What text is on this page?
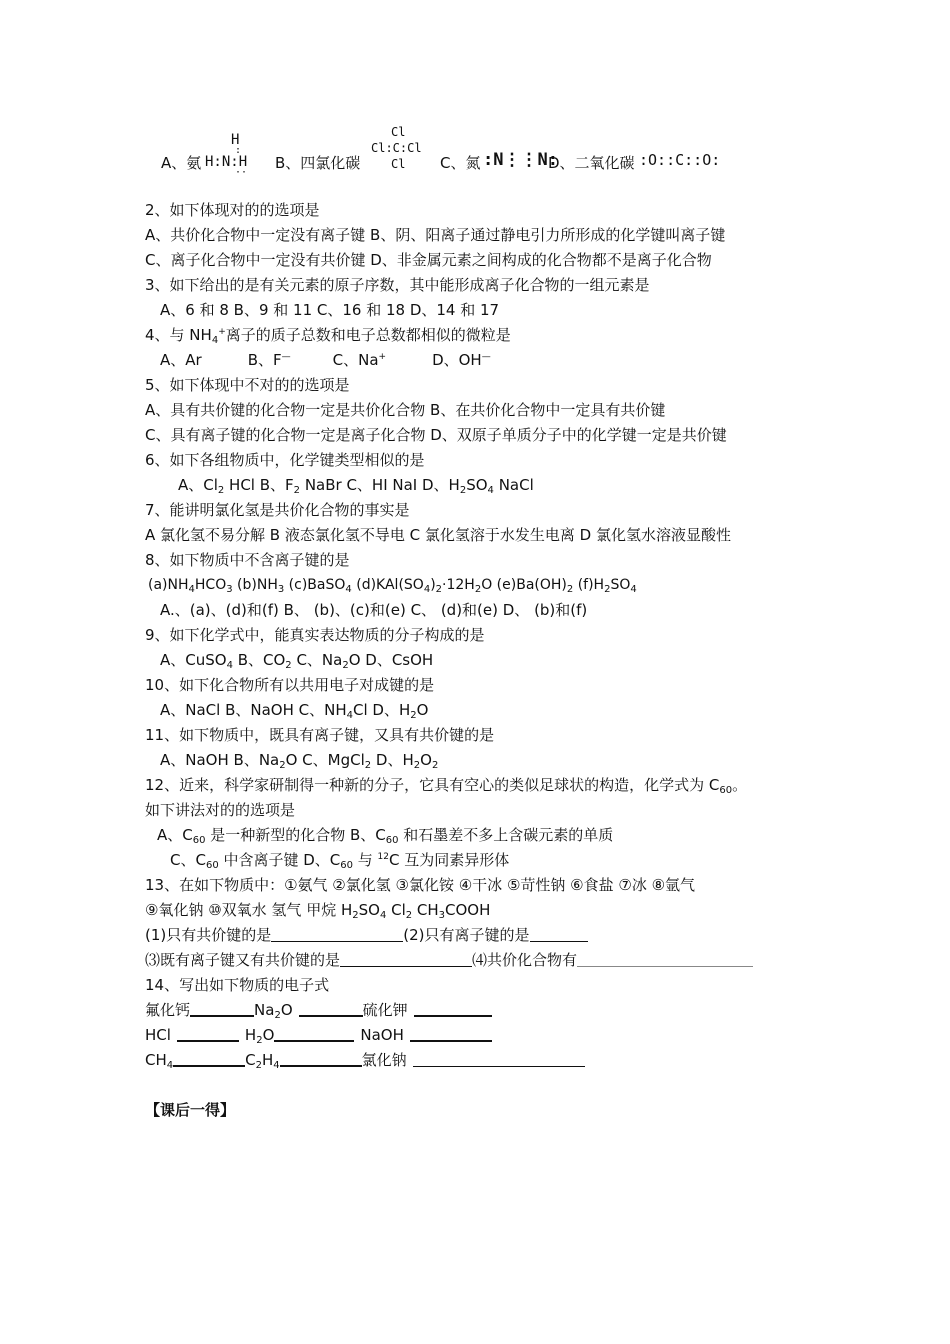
A、氨
H
:
H:N:H
··
B、四氯化碳
Cl
Cl:C:Cl
Cl	C、氮 :N⋮⋮N:
D、二氧化碳 :O::C::O:
2、如下体现对的的选项是
A、共价化合物中一定没有离子键 B、阴、阳离子通过静电引力所形成的化学键叫离子键
C、离子化合物中一定没有共价键 D、非金属元素之间构成的化合物都不是离子化合物
3、如下给出的是有关元素的原子序数，其中能形成离子化合物的一组元素是
A、6 和 8 B、9 和 11 C、16 和 18 D、14 和 17
4、与 $NH_4^+$离子的质子总数和电子总数都相似的微粒是
A、Ar	B、F—	C、Na+	D、OH—
5、如下体现中不对的的选项是
A、具有共价键的化合物一定是共价化合物 B、在共价化合物中一定具有共价键
C、具有离子键的化合物一定是离子化合物 D、双原子单质分子中的化学键一定是共价键
6、如下各组物质中，化学键类型相似的是
A、$Cl_2$ HCl B、$F_2$ NaBr C、HI NaI D、$H_2SO_4$ NaCl
7、能讲明氯化氢是共价化合物的事实是
A 氯化氢不易分解 B 液态氯化氢不导电 C 氯化氢溶于水发生电离 D 氯化氢水溶液显酸性
8、如下物质中不含离子键的是
$(a)NH_4HCO_3$ $(b)NH_3$ (c)BaSO$_4$ $(d)KAl(SO_4)_2\cdot 12H_2O$ $(e)Ba(OH)_2$ $(f)H_2SO_4$
A.、(a)、(d)和(f) B、 (b)、(c)和(e) C、 (d)和(e) D、 (b)和(f)
9、如下化学式中，能真实表达物质的分子构成的是
A、CuSO$_4$ B、$CO_2$ C、$Na_2O$ D、CsOH
10、如下化合物所有以共用电子对成键的是
A、NaCl B、NaOH C、$NH_4Cl$ D、$H_2O$
11、如下物质中，既具有离子键，又具有共价键的是
A、NaOH B、$Na_2O$ C、MgCl$_2$ D、$H_2O_2$
12、近来，科学家研制得一种新的分子，它具有空心的类似足球状的构造，化学式为 $C_{60}$。
如下讲法对的的选项是
A、$C_{60}$ 是一种新型的化合物 B、$C_{60}$ 和石墨差不多上含碳元素的单质
C、$C_{60}$ 中含离子键 D、$C_{60}$ 与 $^{12}$C 互为同素异形体
13、在如下物质中：①氨气 ②氯化氢 ③氯化铵 ④干冰 ⑤苛性钠 ⑥食盐 ⑦冰 ⑧氩气
⑨氧化钠 ⑩双氧水 氢气 甲烷 $H_2SO_4$ $Cl_2$ $CH_3COOH$
(1)只有共价键的是	(2)只有离子键的是
⑶既有离子键又有共价键的是	⑷共价化合物有
14、写出如下物质的电子式
氟化钙	$Na_2O$	硫化钾
HCl	$H_2O$	NaOH
$CH_4$	$C_2H_4$	氯化钠
【课后一得】
